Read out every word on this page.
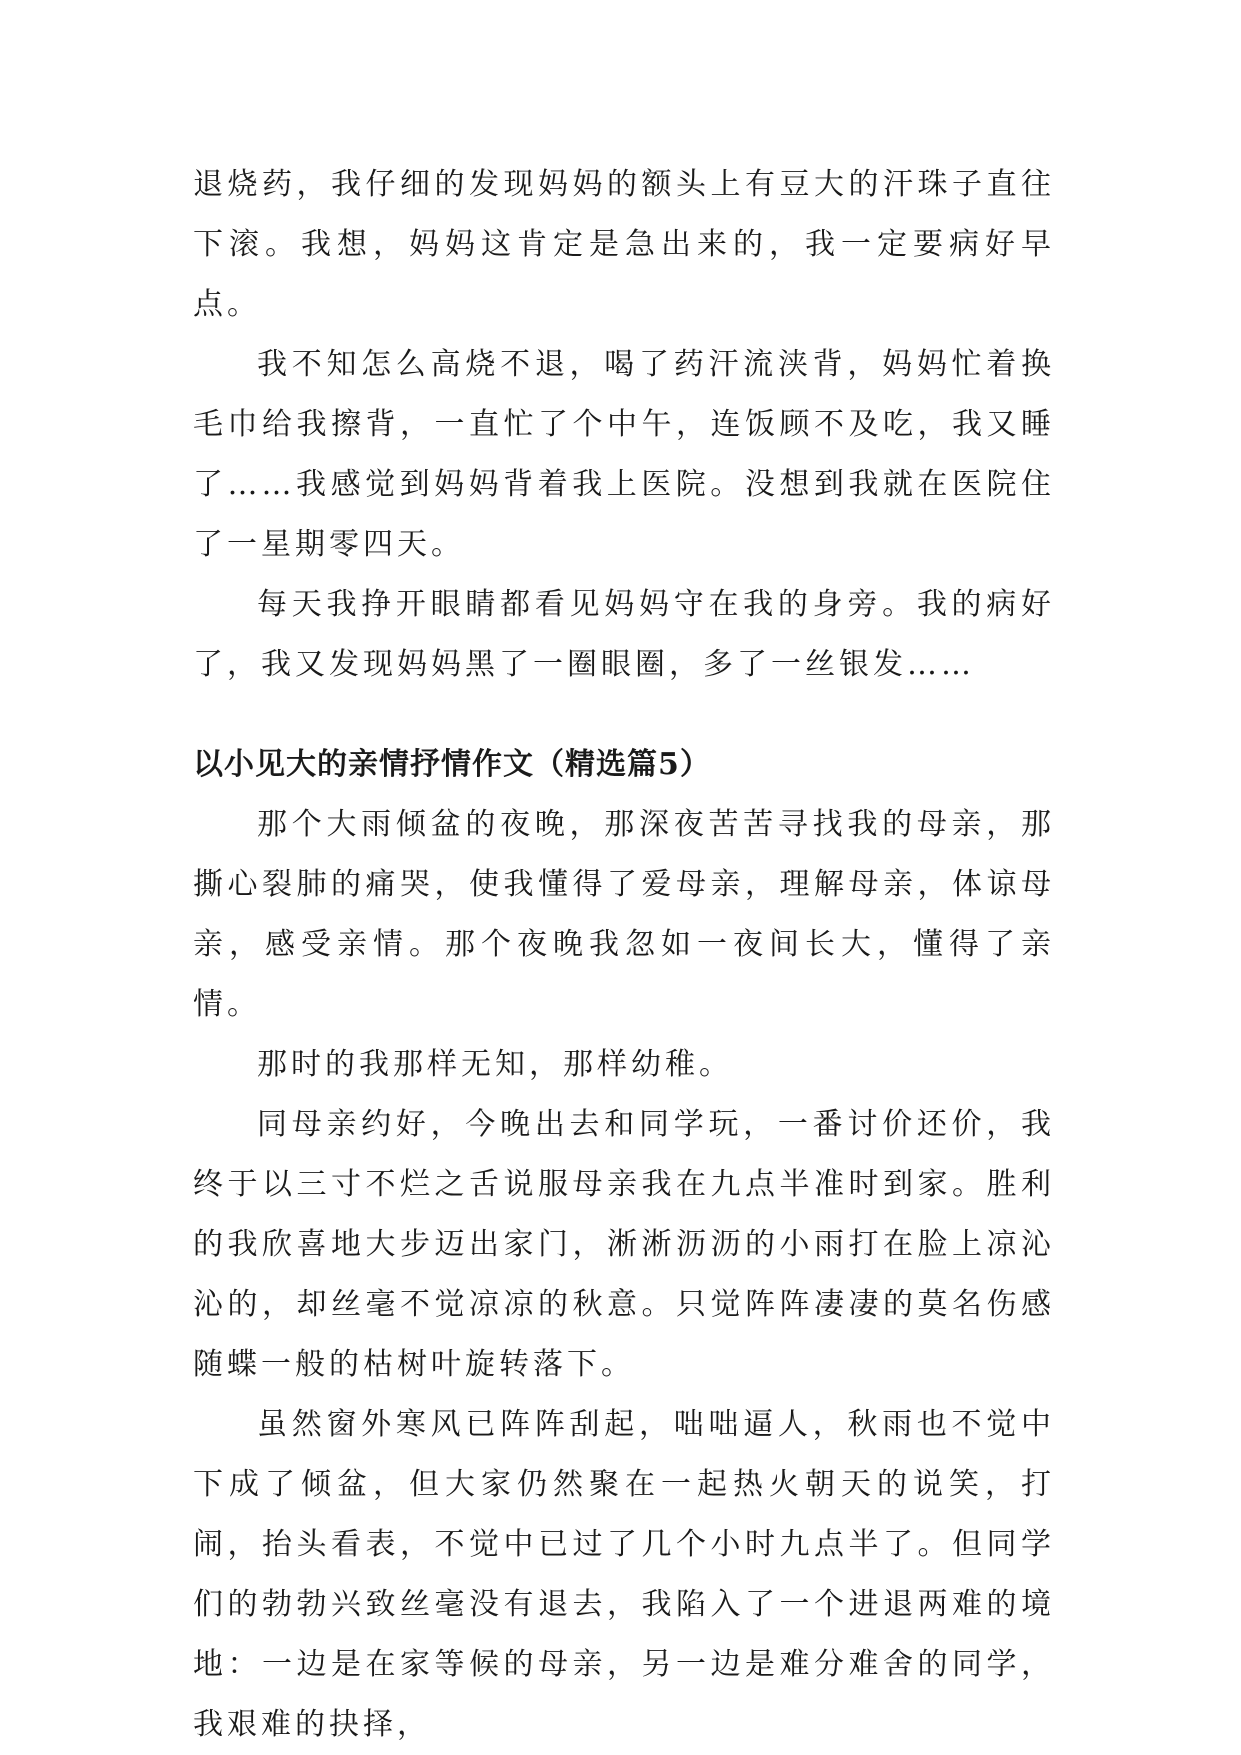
退烧药，我仔细的发现妈妈的额头上有豆大的汗珠子直往下滚。我想，妈妈这肯定是急出来的，我一定要病好早点。

我不知怎么高烧不退，喝了药汗流浃背，妈妈忙着换毛巾给我擦背，一直忙了个中午，连饭顾不及吃，我又睡了……我感觉到妈妈背着我上医院。没想到我就在医院住了一星期零四天。

每天我挣开眼睛都看见妈妈守在我的身旁。我的病好了，我又发现妈妈黑了一圈眼圈，多了一丝银发……

以小见大的亲情抒情作文（精选篇5）

那个大雨倾盆的夜晚，那深夜苦苦寻找我的母亲，那撕心裂肺的痛哭，使我懂得了爱母亲，理解母亲，体谅母亲，感受亲情。那个夜晚我忽如一夜间长大，懂得了亲情。

那时的我那样无知，那样幼稚。

同母亲约好，今晚出去和同学玩，一番讨价还价，我终于以三寸不烂之舌说服母亲我在九点半准时到家。胜利的我欣喜地大步迈出家门，淅淅沥沥的小雨打在脸上凉沁沁的，却丝毫不觉凉凉的秋意。只觉阵阵凄凄的莫名伤感随蝶一般的枯树叶旋转落下。

虽然窗外寒风已阵阵刮起，咄咄逼人，秋雨也不觉中下成了倾盆，但大家仍然聚在一起热火朝天的说笑，打闹，抬头看表，不觉中已过了几个小时九点半了。但同学们的勃勃兴致丝毫没有退去，我陷入了一个进退两难的境地：一边是在家等候的母亲，另一边是难分难舍的同学，我艰难的抉择，
